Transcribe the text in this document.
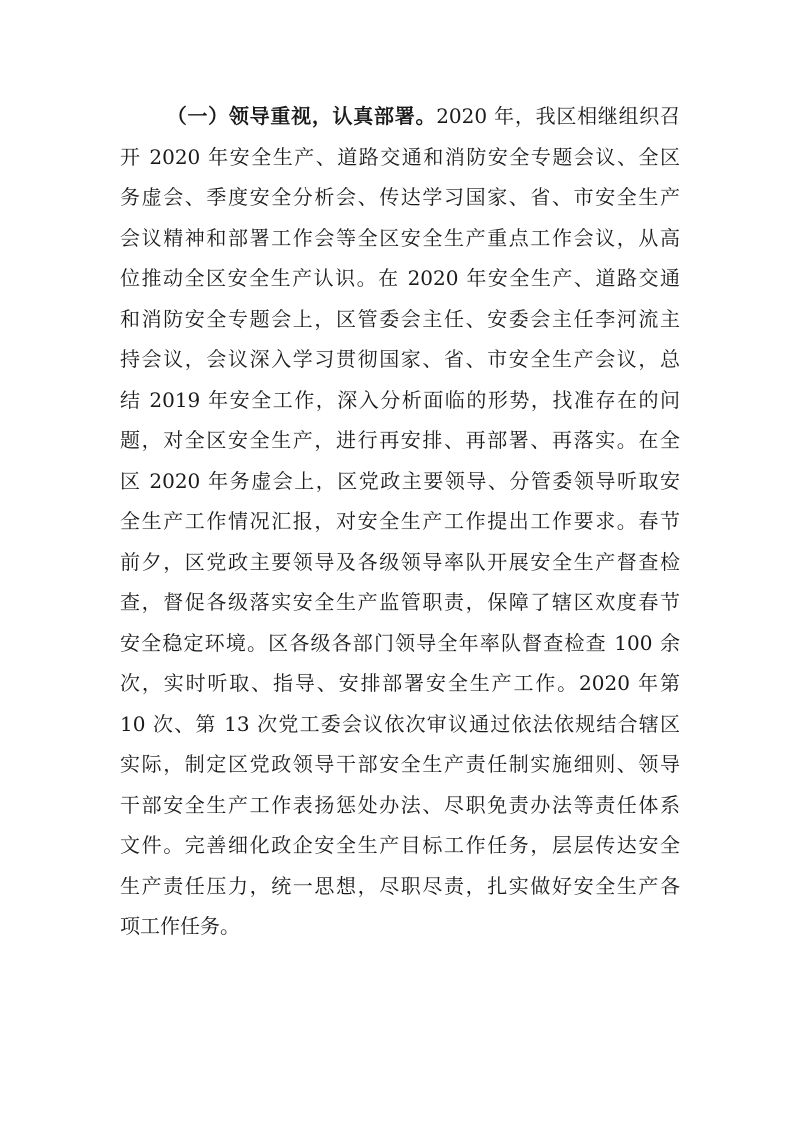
（一）领导重视，认真部署。2020 年，我区相继组织召
开 2020 年安全生产、道路交通和消防安全专题会议、全区
务虚会、季度安全分析会、传达学习国家、省、市安全生产
会议精神和部署工作会等全区安全生产重点工作会议，从高
位推动全区安全生产认识。在 2020 年安全生产、道路交通
和消防安全专题会上，区管委会主任、安委会主任李河流主
持会议，会议深入学习贯彻国家、省、市安全生产会议，总
结 2019 年安全工作，深入分析面临的形势，找准存在的问
题，对全区安全生产，进行再安排、再部署、再落实。在全
区 2020 年务虚会上，区党政主要领导、分管委领导听取安
全生产工作情况汇报，对安全生产工作提出工作要求。春节
前夕，区党政主要领导及各级领导率队开展安全生产督查检
查，督促各级落实安全生产监管职责，保障了辖区欢度春节
安全稳定环境。区各级各部门领导全年率队督查检查 100 余
次，实时听取、指导、安排部署安全生产工作。2020 年第
10 次、第 13 次党工委会议依次审议通过依法依规结合辖区
实际，制定区党政领导干部安全生产责任制实施细则、领导
干部安全生产工作表扬惩处办法、尽职免责办法等责任体系
文件。完善细化政企安全生产目标工作任务，层层传达安全
生产责任压力，统一思想，尽职尽责，扎实做好安全生产各
项工作任务。
